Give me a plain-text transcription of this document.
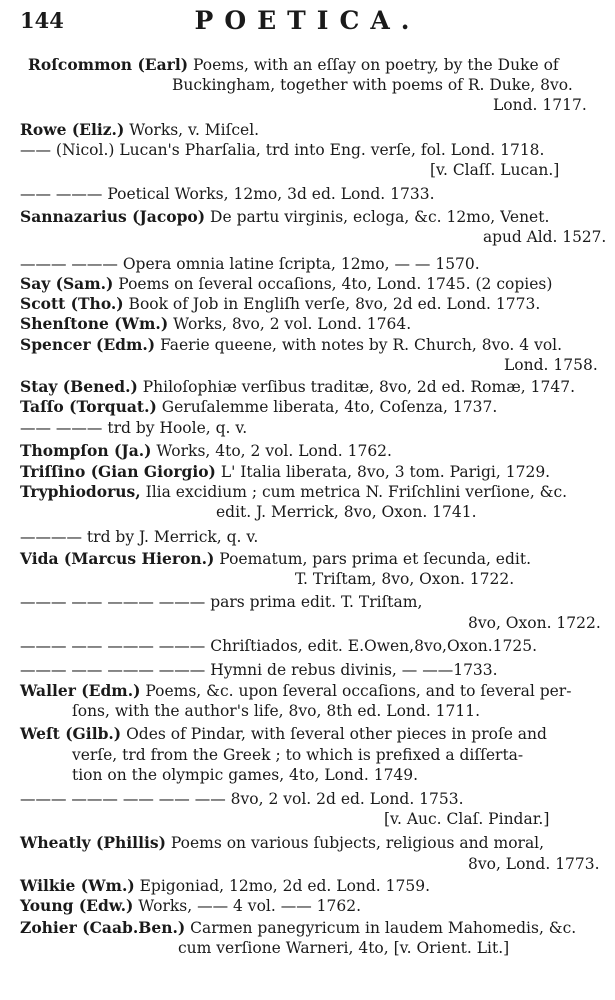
144	POETICA.
Roſcommon (Earl) Poems, with an eſſay on poetry, by the Duke of
Buckingham, together with poems of R. Duke, 8vo.
Lond. 1717.
Rowe (Eliz.) Works, v. Miſcel.
—— (Nicol.) Lucan's Pharſalia, trd into Eng. verſe, fol. Lond. 1718.
[v. Claſſ. Lucan.]
—— ——— Poetical Works, 12mo, 3d ed. Lond. 1733.
Sannazarius (Jacopo) De partu virginis, ecloga, &c. 12mo, Venet.
apud Ald. 1527.
——— ——— Opera omnia latine ſcripta, 12mo, — — 1570.
Say (Sam.) Poems on ſeveral occaſions, 4to, Lond. 1745. (2 copies)
Scott (Tho.) Book of Job in Engliſh verſe, 8vo, 2d ed. Lond. 1773.
Shenſtone (Wm.) Works, 8vo, 2 vol. Lond. 1764.
Spencer (Edm.) Faerie queene, with notes by R. Church, 8vo. 4 vol.
Lond. 1758.
Stay (Bened.) Philoſophiæ verſibus traditæ, 8vo, 2d ed. Romæ, 1747.
Taſſo (Torquat.) Geruſalemme liberata, 4to, Coſenza, 1737.
—— ——— trd by Hoole, q. v.
Thompſon (Ja.) Works, 4to, 2 vol. Lond. 1762.
Triſſino (Gian Giorgio) L' Italia liberata, 8vo, 3 tom. Parigi, 1729.
Tryphiodorus, Ilia excidium ; cum metrica N. Friſchlini verſione, &c.
edit. J. Merrick, 8vo, Oxon. 1741.
———— trd by J. Merrick, q. v.
Vida (Marcus Hieron.) Poematum, pars prima et ſecunda, edit.
T. Triſtam, 8vo, Oxon. 1722.
——— —— ——— ——— pars prima edit. T. Triſtam,
8vo, Oxon. 1722.
——— —— ——— ——— Chriſtiados, edit. E.Owen,8vo,Oxon.1725.
——— —— ——— ——— Hymni de rebus divinis, — ——1733.
Waller (Edm.) Poems, &c. upon ſeveral occaſions, and to ſeveral per-
ſons, with the author's life, 8vo, 8th ed. Lond. 1711.
Weſt (Gilb.) Odes of Pindar, with ſeveral other pieces in proſe and
verſe, trd from the Greek ; to which is prefixed a diſſerta-
tion on the olympic games, 4to, Lond. 1749.
——— ——— —— —— —— 8vo, 2 vol. 2d ed. Lond. 1753.
[v. Auc. Claſ. Pindar.]
Wheatly (Phillis) Poems on various ſubjects, religious and moral,
8vo, Lond. 1773.
Wilkie (Wm.) Epigoniad, 12mo, 2d ed. Lond. 1759.
Young (Edw.) Works, —— 4 vol. —— 1762.
Zohier (Caab.Ben.) Carmen panegyricum in laudem Mahomedis, &c.
cum verſione Warneri, 4to, [v. Orient. Lit.]
